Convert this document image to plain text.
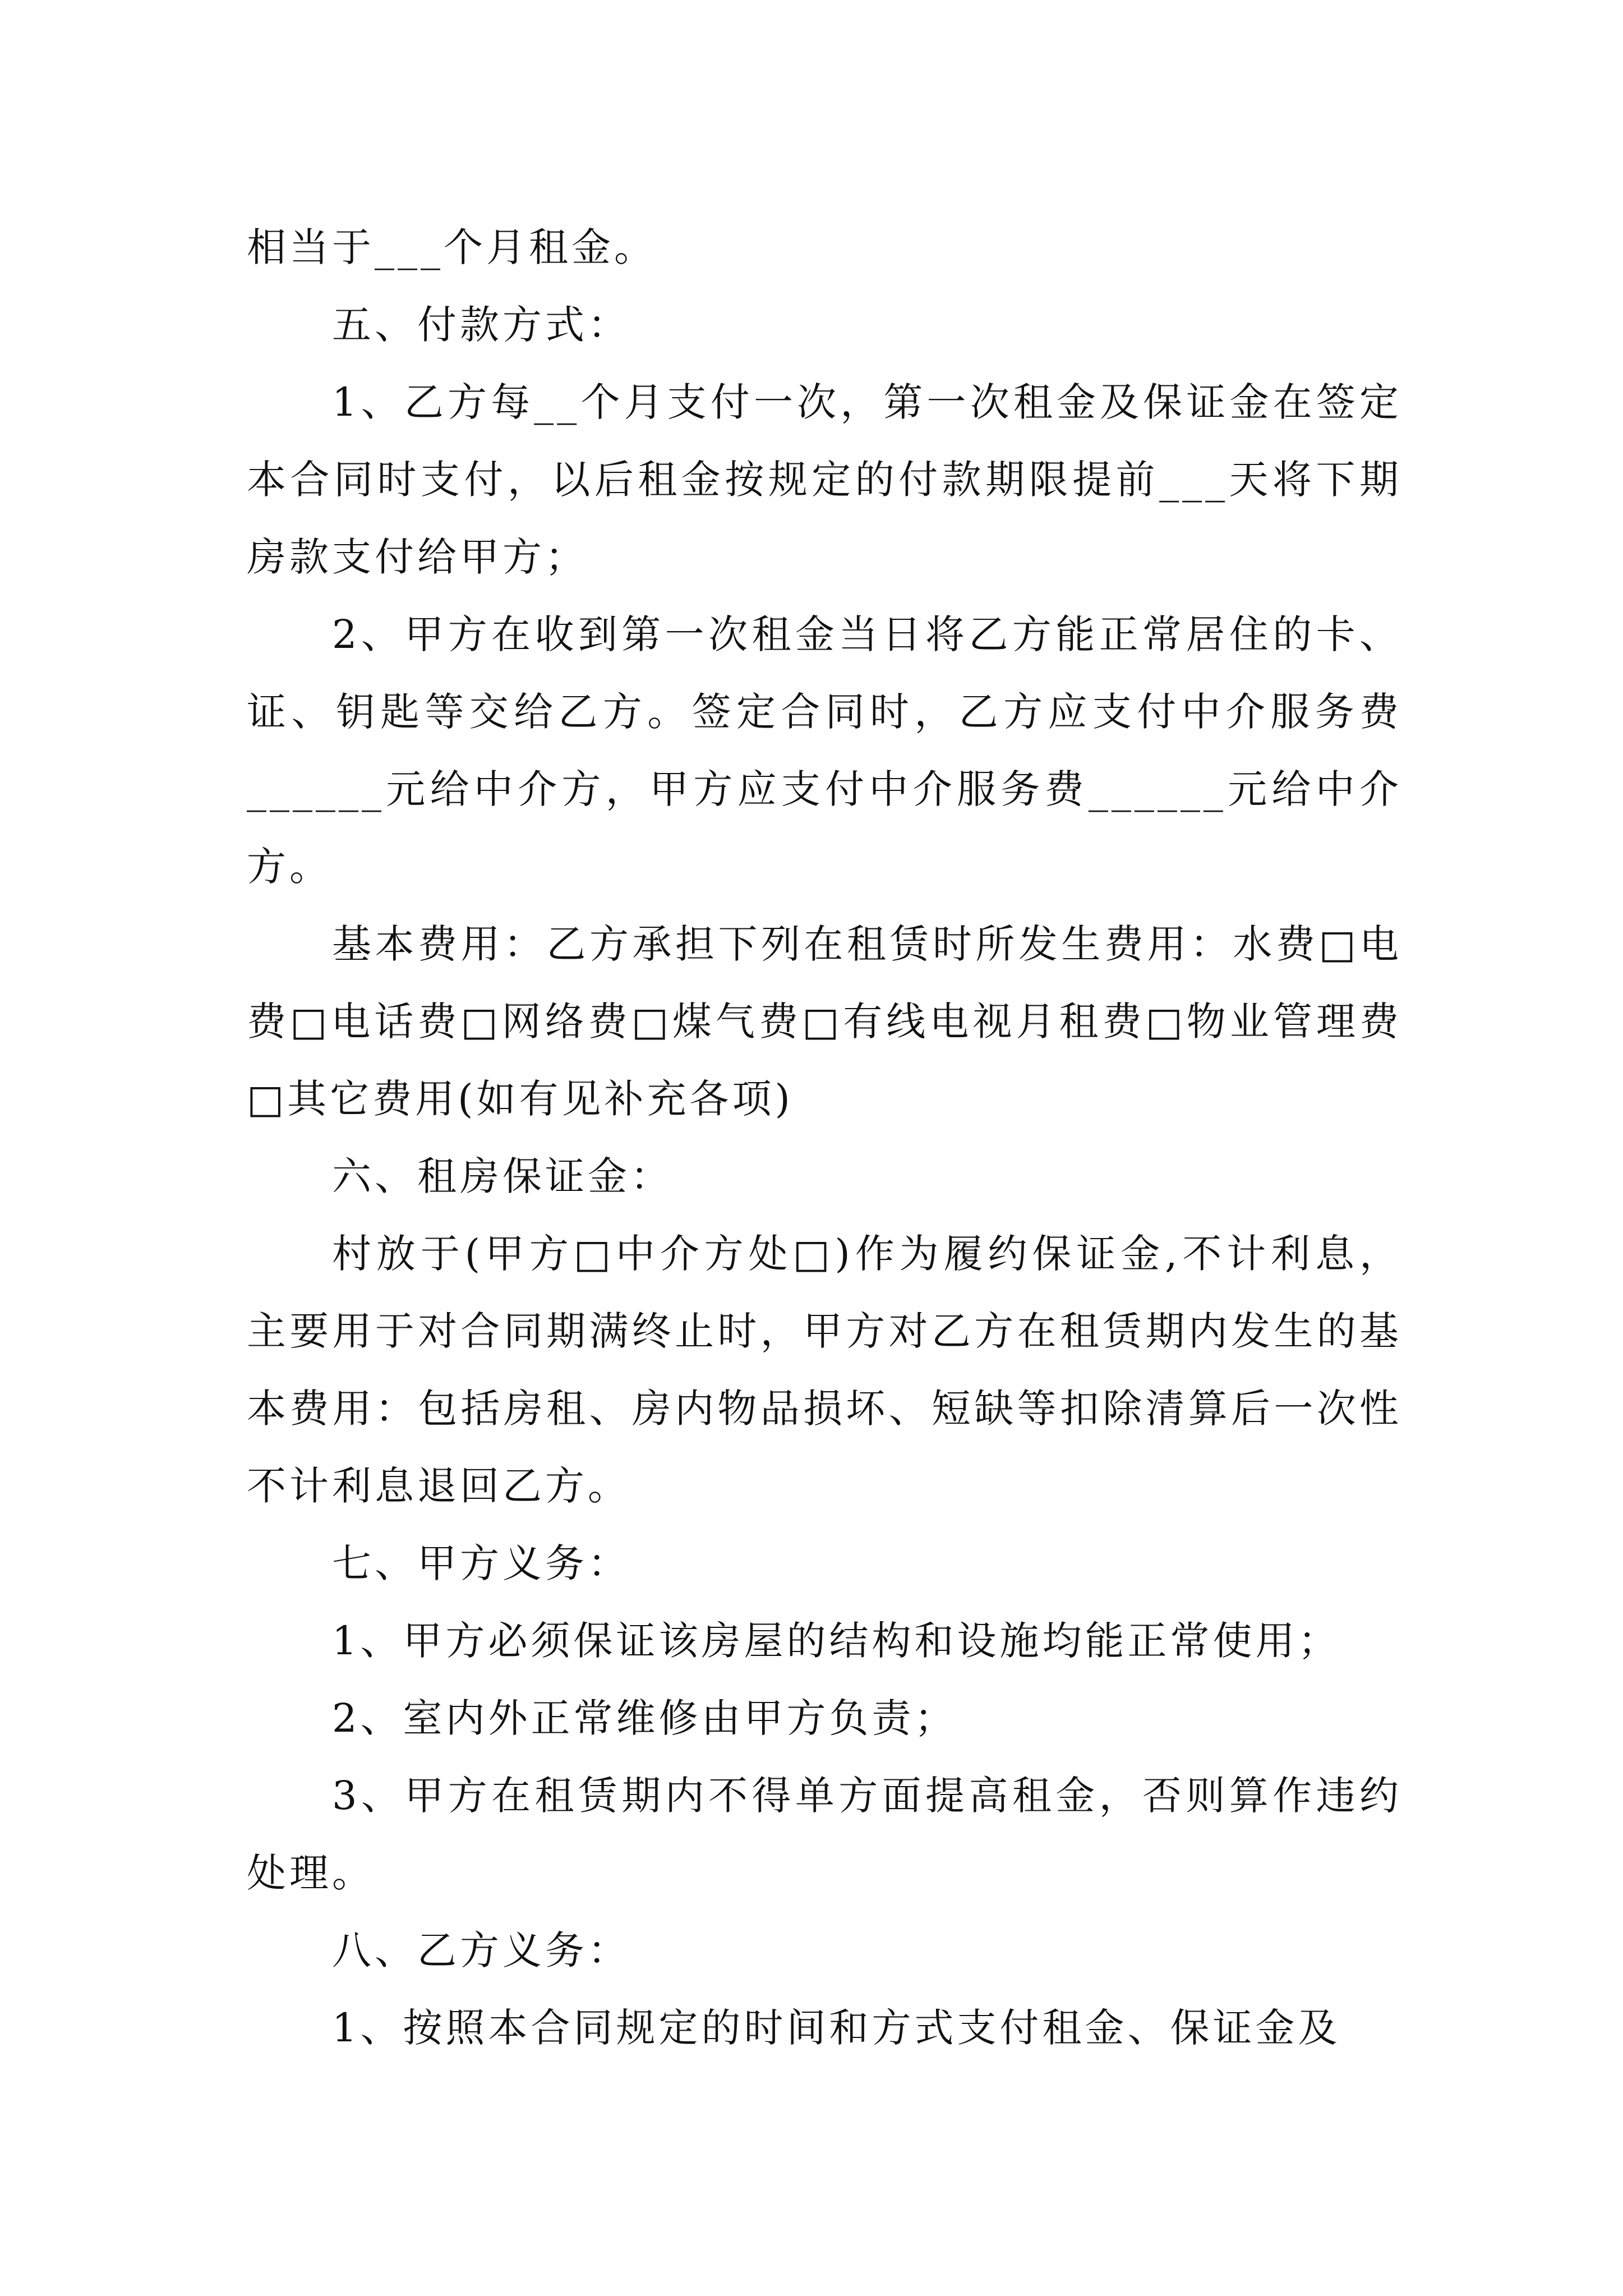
相当于___个月租金。

五、付款方式：

1、乙方每__个月支付一次，第一次租金及保证金在签定本合同时支付，以后租金按规定的付款期限提前___天将下期房款支付给甲方；

2、甲方在收到第一次租金当日将乙方能正常居住的卡、证、钥匙等交给乙方。签定合同时，乙方应支付中介服务费______元给中介方，甲方应支付中介服务费______元给中介方。

基本费用：乙方承担下列在租赁时所发生费用：水费□电费□电话费□网络费□煤气费□有线电视月租费□物业管理费□其它费用(如有见补充各项)

六、租房保证金：

村放于(甲方□中介方处□)作为履约保证金,不计利息，主要用于对合同期满终止时，甲方对乙方在租赁期内发生的基本费用：包括房租、房内物品损坏、短缺等扣除清算后一次性不计利息退回乙方。

七、甲方义务：

1、甲方必须保证该房屋的结构和设施均能正常使用；

2、室内外正常维修由甲方负责；

3、甲方在租赁期内不得单方面提高租金，否则算作违约处理。

八、乙方义务：

1、按照本合同规定的时间和方式支付租金、保证金及
